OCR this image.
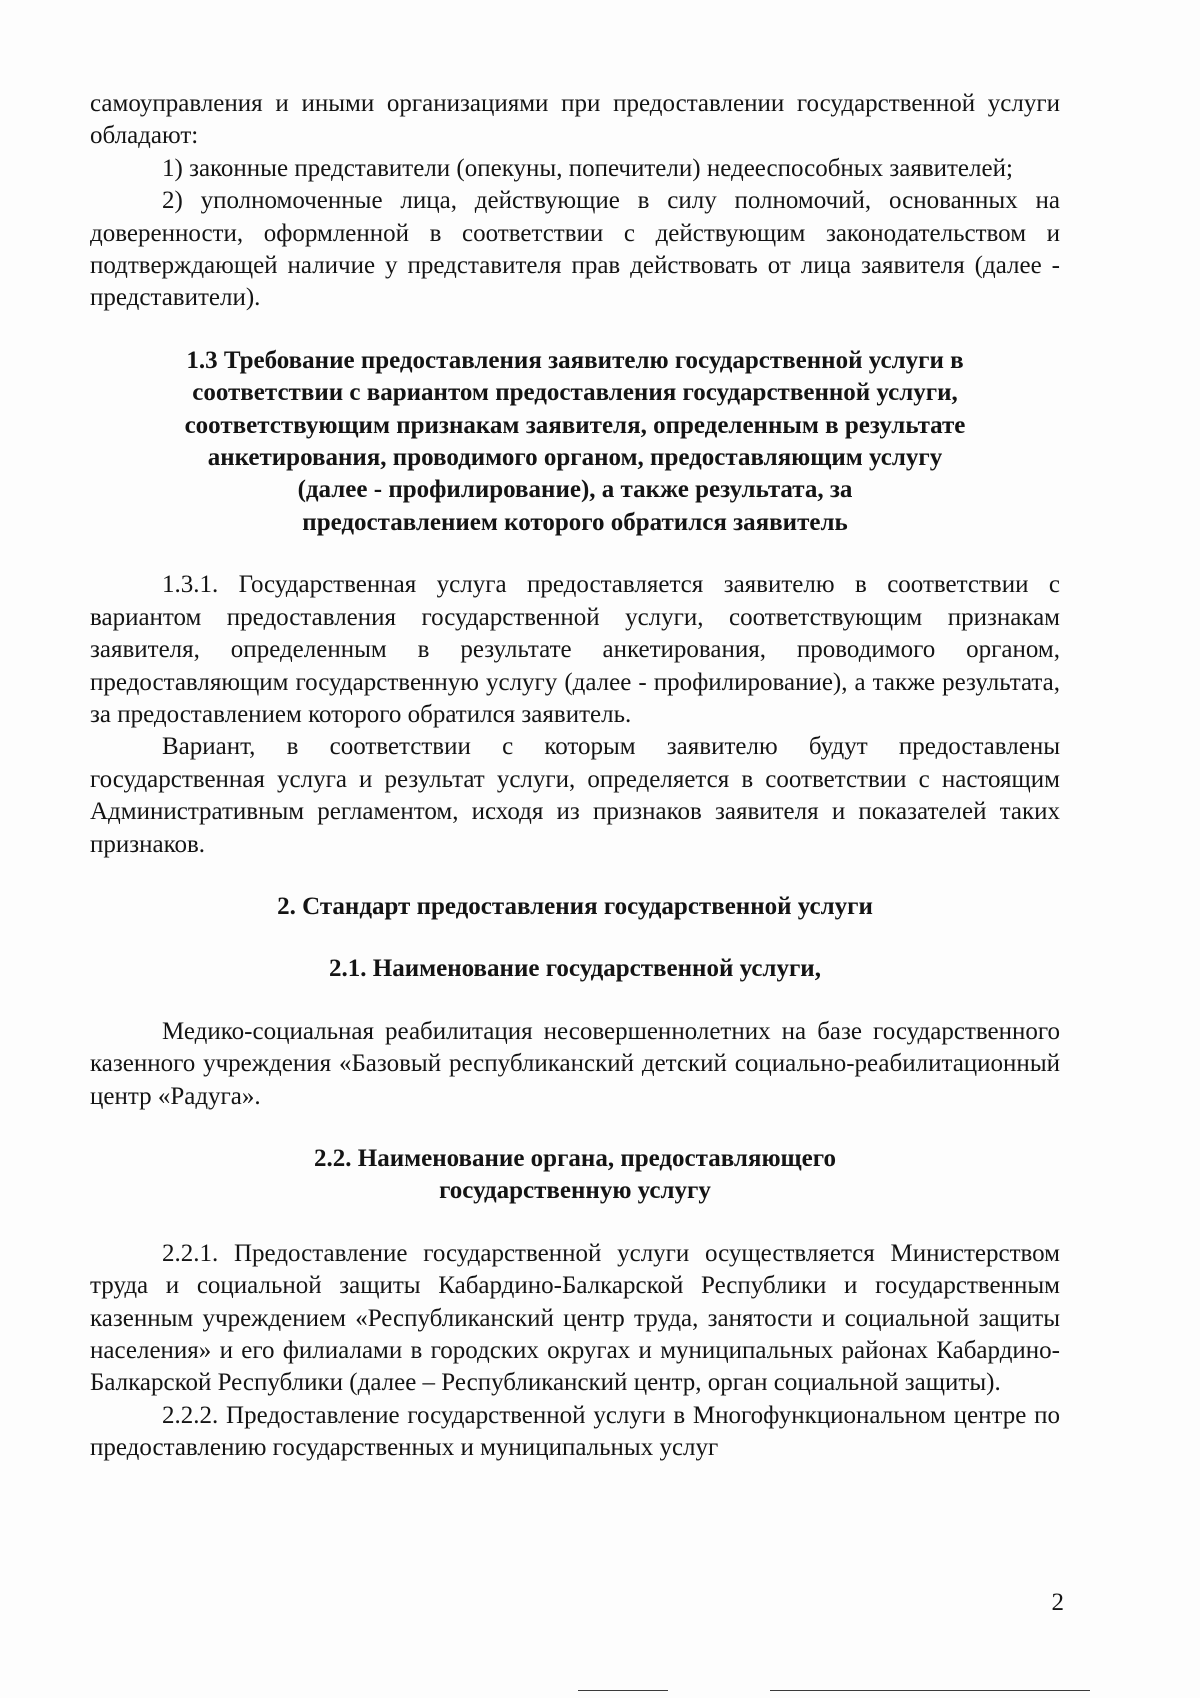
самоуправления и иными организациями при предоставлении государственной услуги обладают:

1) законные представители (опекуны, попечители) недееспособных заявителей;

2) уполномоченные лица, действующие в силу полномочий, основанных на доверенности, оформленной в соответствии с действующим законодательством и подтверждающей наличие у представителя прав действовать от лица заявителя (далее - представители).

1.3 Требование предоставления заявителю государственной услуги в
соответствии с вариантом предоставления государственной услуги,
соответствующим признакам заявителя, определенным в результате
анкетирования, проводимого органом, предоставляющим услугу
(далее - профилирование), а также результата, за
предоставлением которого обратился заявитель

1.3.1. Государственная услуга предоставляется заявителю в соответствии с вариантом предоставления государственной услуги, соответствующим признакам заявителя, определенным в результате анкетирования, проводимого органом, предоставляющим государственную услугу (далее - профилирование), а также результата, за предоставлением которого обратился заявитель.

Вариант, в соответствии с которым заявителю будут предоставлены государственная услуга и результат услуги, определяется в соответствии с настоящим Административным регламентом, исходя из признаков заявителя и показателей таких признаков.

2. Стандарт предоставления государственной услуги
2.1. Наименование государственной услуги,

Медико-социальная реабилитация несовершеннолетних на базе государственного казенного учреждения «Базовый республиканский детский социально-реабилитационный центр «Радуга».

2.2. Наименование органа, предоставляющего
государственную услугу

2.2.1. Предоставление государственной услуги осуществляется Министерством труда и социальной защиты Кабардино-Балкарской Республики и государственным казенным учреждением «Республиканский центр труда, занятости и социальной защиты населения» и его филиалами в городских округах и муниципальных районах Кабардино-Балкарской Республики (далее – Республиканский центр, орган социальной защиты).

2.2.2. Предоставление государственной услуги в Многофункциональном центре по предоставлению государственных и муниципальных услуг

2
